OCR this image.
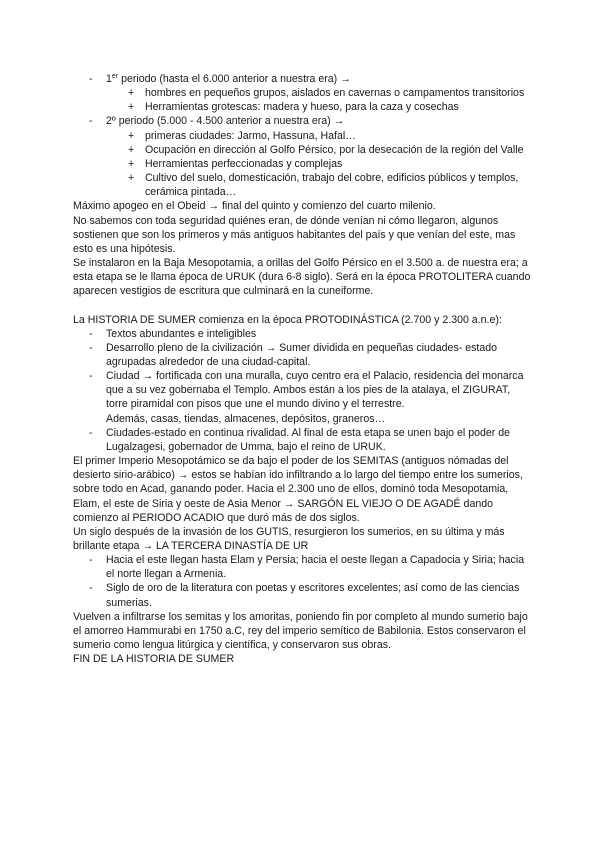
- 1er periodo (hasta el 6.000 anterior a nuestra era) →
+ hombres en pequeños grupos, aislados en cavernas o campamentos transitorios
+ Herramientas grotescas: madera y hueso, para la caza y cosechas
- 2º periodo (5.000 - 4.500 anterior a nuestra era) →
+ primeras ciudades: Jarmo, Hassuna, Hafal…
+ Ocupación en dirección al Golfo Pérsico, por la desecación de la región del Valle
+ Herramientas perfeccionadas y complejas
+ Cultivo del suelo, domesticación, trabajo del cobre, edificios públicos y templos, cerámica pintada…

Máximo apogeo en el Obeid → final del quinto y comienzo del cuarto milenio.

No sabemos con toda seguridad quiénes eran, de dónde venían ni cómo llegaron, algunos sostienen que son los primeros y más antiguos habitantes del país y que venían del este, mas esto es una hipótesis.

Se instalaron en la Baja Mesopotamia, a orillas del Golfo Pérsico en el 3.500 a. de nuestra era; a esta etapa se le llama época de URUK (dura 6-8 siglo). Será en la época PROTOLITERA cuando aparecen vestigios de escritura que culminará en la cuneiforme.

La HISTORIA DE SUMER comienza en la época PROTODINÁSTICA (2.700 y 2.300 a.n.e):

- Textos abundantes e inteligibles
- Desarrollo pleno de la civilización → Sumer dividida en pequeñas ciudades- estado agrupadas alrededor de una ciudad-capital.
- Ciudad → fortificada con una muralla, cuyo centro era el Palacio, residencia del monarca que a su vez gobernaba el Templo. Ambos están a los pies de la atalaya, el ZIGURAT, torre piramidal con pisos que une el mundo divino y el terrestre.
Además, casas, tiendas, almacenes, depósitos, graneros…
- Ciudades-estado en continua rivalidad. Al final de esta etapa se unen bajo el poder de Lugalzagesi, gobernador de Umma, bajo el reino de URUK.

El primer Imperio Mesopotámico se da bajo el poder de los SEMITAS (antiguos nómadas del desierto sirio-arábico) → estos se habían ido infiltrando a lo largo del tiempo entre los sumerios, sobre todo en Acad, ganando poder. Hacia el 2.300 uno de ellos, dominó toda Mesopotamia, Elam, el este de Siria y oeste de Asia Menor → SARGÓN EL VIEJO O DE AGADÉ dando comienzo al PERIODO ACADIO que duró más de dos siglos.

Un siglo después de la invasión de los GUTIS, resurgieron los sumerios, en su última y más brillante etapa → LA TERCERA DINASTÍA DE UR

- Hacia el este llegan hasta Elam y Persia; hacia el oeste llegan a Capadocia y Siria; hacia el norte llegan a Armenia.
- Siglo de oro de la literatura con poetas y escritores excelentes; así como de las ciencias sumerias.

Vuelven a infiltrarse los semitas y los amoritas, poniendo fin por completo al mundo sumerio bajo el amorreo Hammurabi en 1750 a.C, rey del imperio semítico de Babilonia. Estos conservaron el sumerio como lengua litúrgica y científica, y conservaron sus obras.

FIN DE LA HISTORIA DE SUMER
